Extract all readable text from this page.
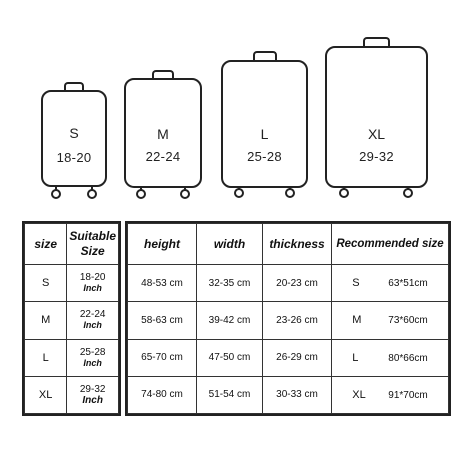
S
18-20
M
22-24
L
25-28
XL
29-32
size	Suitable Size
S	18-20
Inch

M	22-24
Inch

L	25-28
Inch

XL	29-32
Inch
height	width	thickness	Recommended size
48-53 cm	32-35 cm	20-23 cm	S 63*51cm
58-63 cm	39-42 cm	23-26 cm	M 73*60cm
65-70 cm	47-50 cm	26-29 cm	L 80*66cm
74-80 cm	51-54 cm	30-33 cm	XL 91*70cm
